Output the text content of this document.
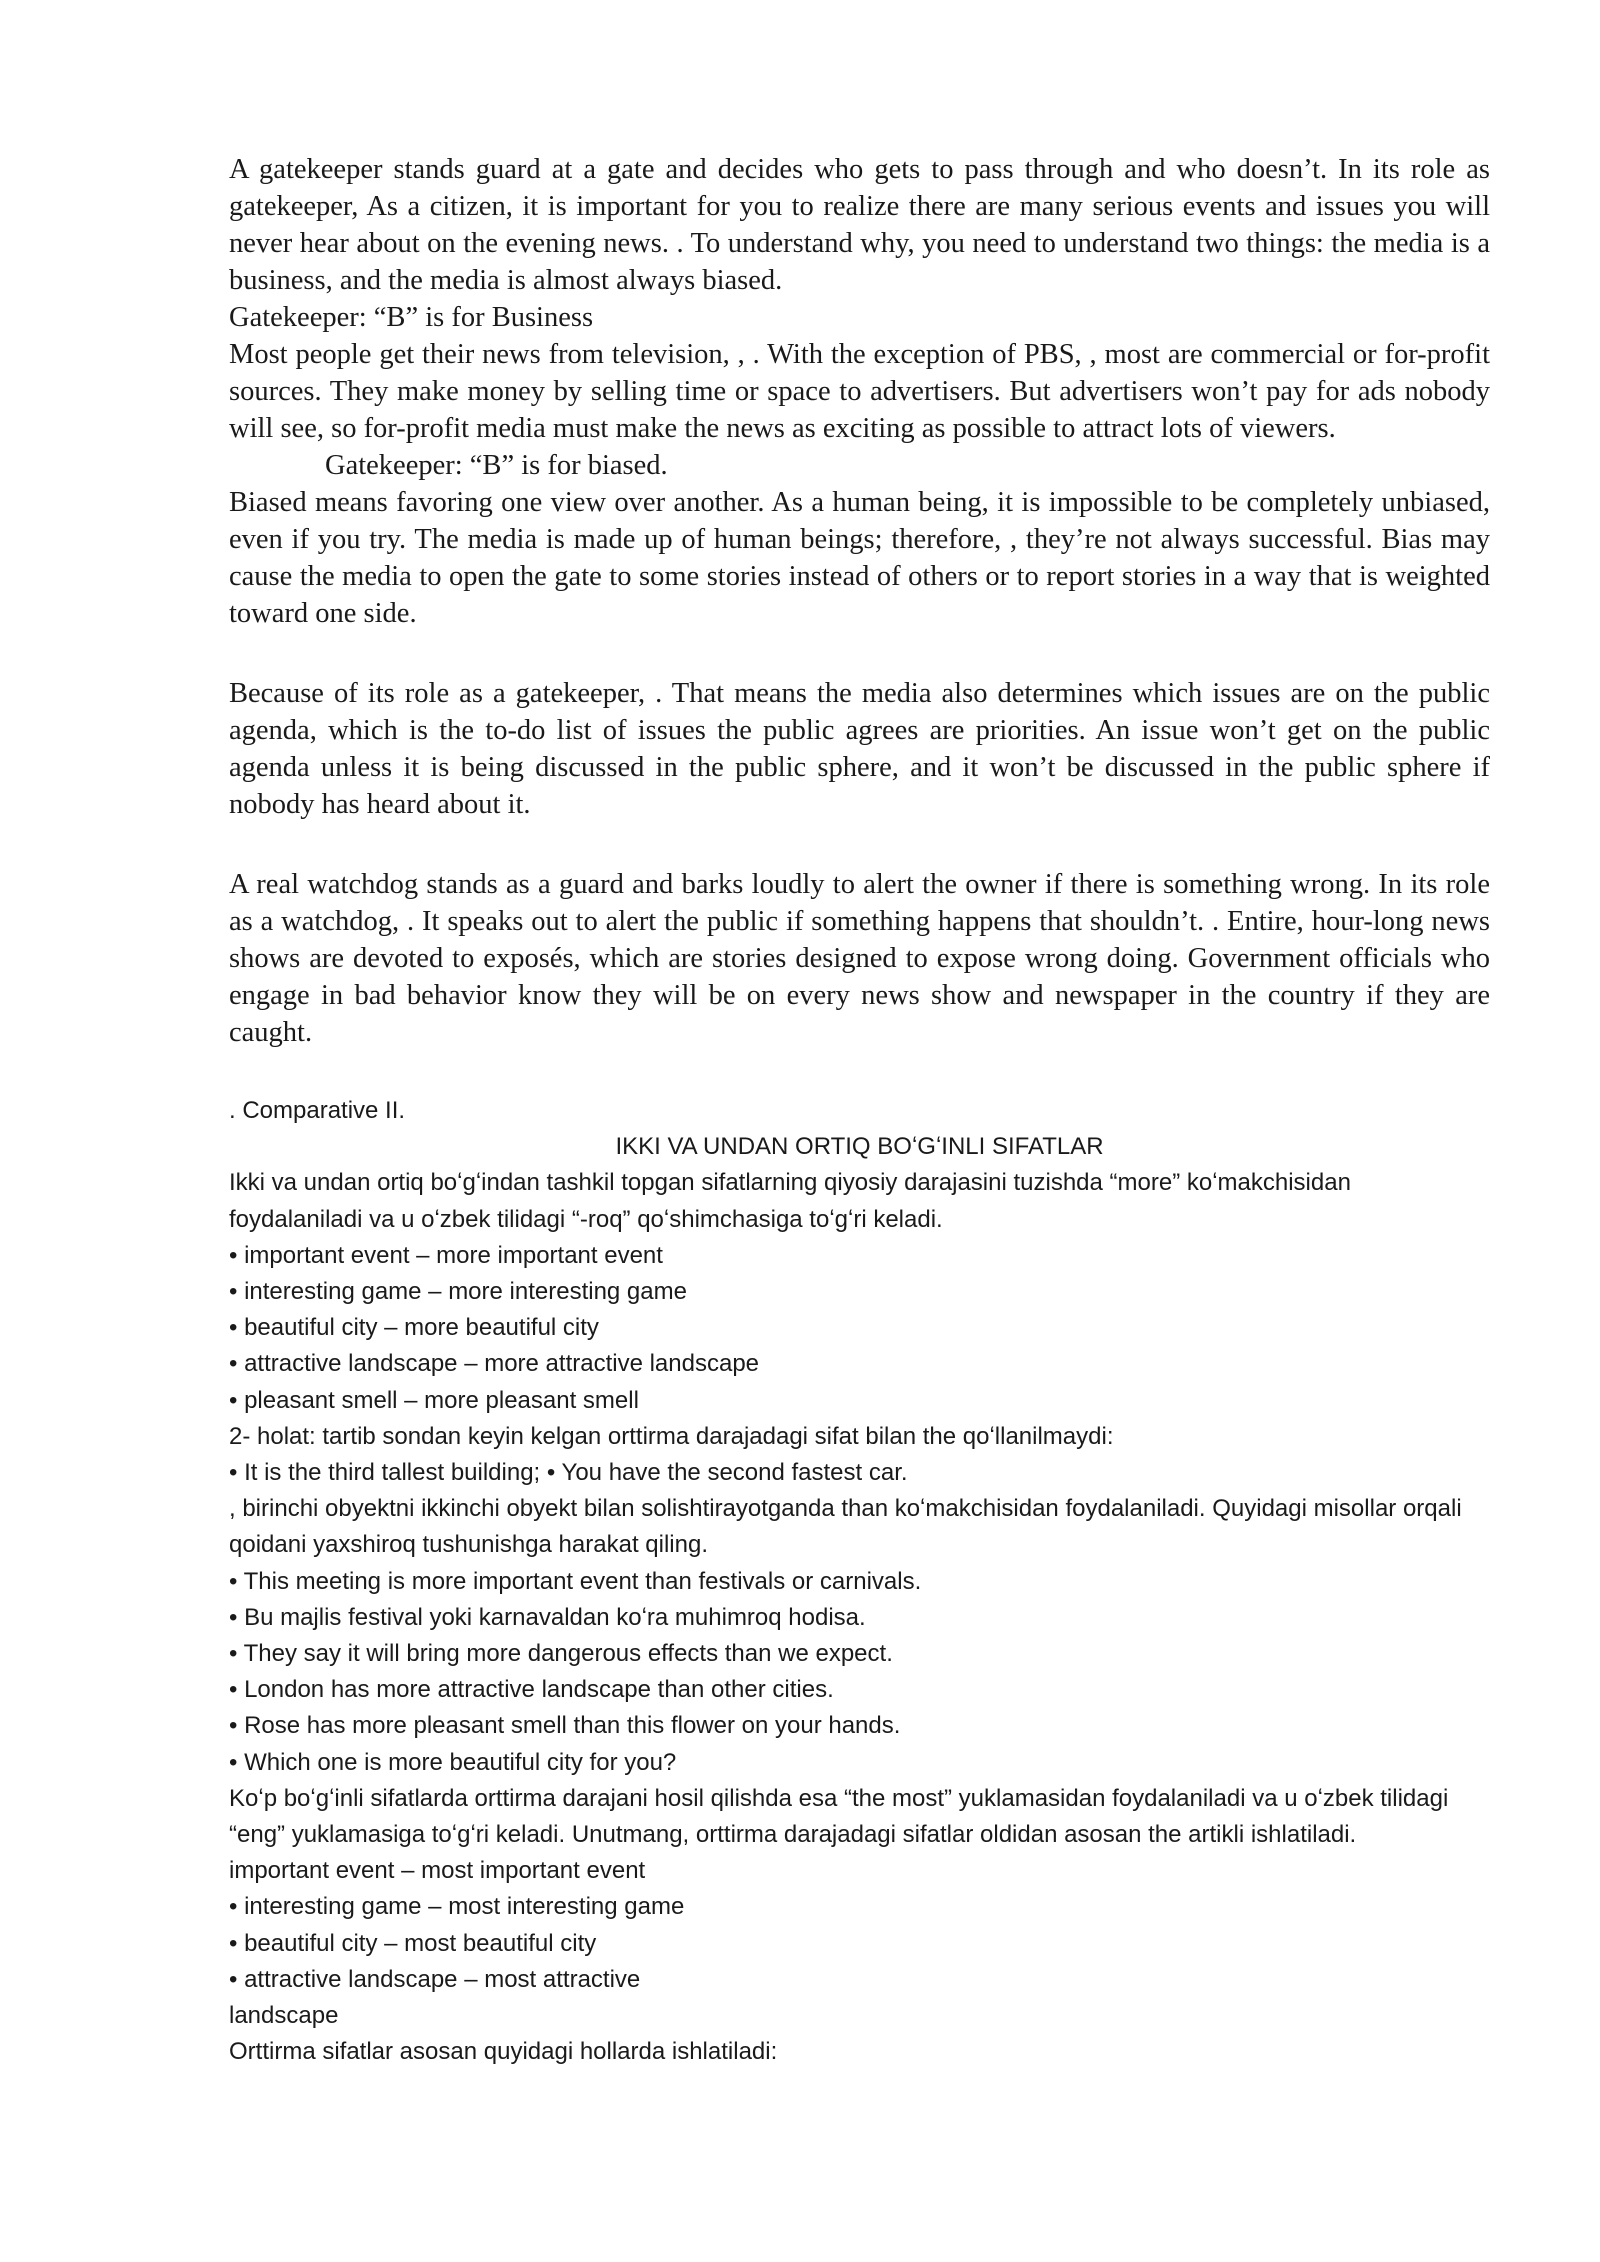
A gatekeeper stands guard at a gate and decides who gets to pass through and who doesn’t. In its role as gatekeeper, As a citizen, it is important for you to realize there are many serious events and issues you will never hear about on the evening news. . To understand why, you need to understand two things: the media is a business, and the media is almost always biased.

Gatekeeper: “B” is for Business

Most people get their news from television, , . With the exception of PBS, , most are commercial or for-profit sources. They make money by selling time or space to advertisers. But advertisers won’t pay for ads nobody will see, so for-profit media must make the news as exciting as possible to attract lots of viewers.

Gatekeeper: “B” is for biased.

Biased means favoring one view over another. As a human being, it is impossible to be completely unbiased, even if you try. The media is made up of human beings; therefore, , they’re not always successful. Bias may cause the media to open the gate to some stories instead of others or to report stories in a way that is weighted toward one side.

Because of its role as a gatekeeper, . That means the media also determines which issues are on the public agenda, which is the to-do list of issues the public agrees are priorities. An issue won’t get on the public agenda unless it is being discussed in the public sphere, and it won’t be discussed in the public sphere if nobody has heard about it.

A real watchdog stands as a guard and barks loudly to alert the owner if there is something wrong. In its role as a watchdog, . It speaks out to alert the public if something happens that shouldn’t. . Entire, hour-long news shows are devoted to exposés, which are stories designed to expose wrong doing. Government officials who engage in bad behavior know they will be on every news show and newspaper in the country if they are caught.

. Comparative II.

IKKI VA UNDAN ORTIQ BOʻGʻINLI SIFATLAR

Ikki va undan ortiq boʻgʻindan tashkil topgan sifatlarning qiyosiy darajasini tuzishda “more” koʻmakchisidan foydalaniladi va u oʻzbek tilidagi “-roq” qoʻshimchasiga toʻgʻri keladi.

• important event – more important event

• interesting game – more interesting game

• beautiful city – more beautiful city

• attractive landscape – more attractive landscape

• pleasant smell – more pleasant smell

2- holat: tartib sondan keyin kelgan orttirma darajadagi sifat bilan the qoʻllanilmaydi:

• It is the third tallest building; • You have the second fastest car.

, birinchi obyektni ikkinchi obyekt bilan solishtirayotganda than koʻmakchisidan foydalaniladi. Quyidagi misollar orqali qoidani yaxshiroq tushunishga harakat qiling.

• This meeting is more important event than festivals or carnivals.

• Bu majlis festival yoki karnavaldan koʻra muhimroq hodisa.

• They say it will bring more dangerous effects than we expect.

• London has more attractive landscape than other cities.

• Rose has more pleasant smell than this flower on your hands.

• Which one is more beautiful city for you?

Koʻp boʻgʻinli sifatlarda orttirma darajani hosil qilishda esa “the most” yuklamasidan foydalaniladi va u oʻzbek tilidagi “eng” yuklamasiga toʻgʻri keladi. Unutmang, orttirma darajadagi sifatlar oldidan asosan the artikli ishlatiladi.

important event – most important event

• interesting game – most interesting game

• beautiful city – most beautiful city

• attractive landscape – most attractive

landscape

Orttirma sifatlar asosan quyidagi hollarda ishlatiladi:
